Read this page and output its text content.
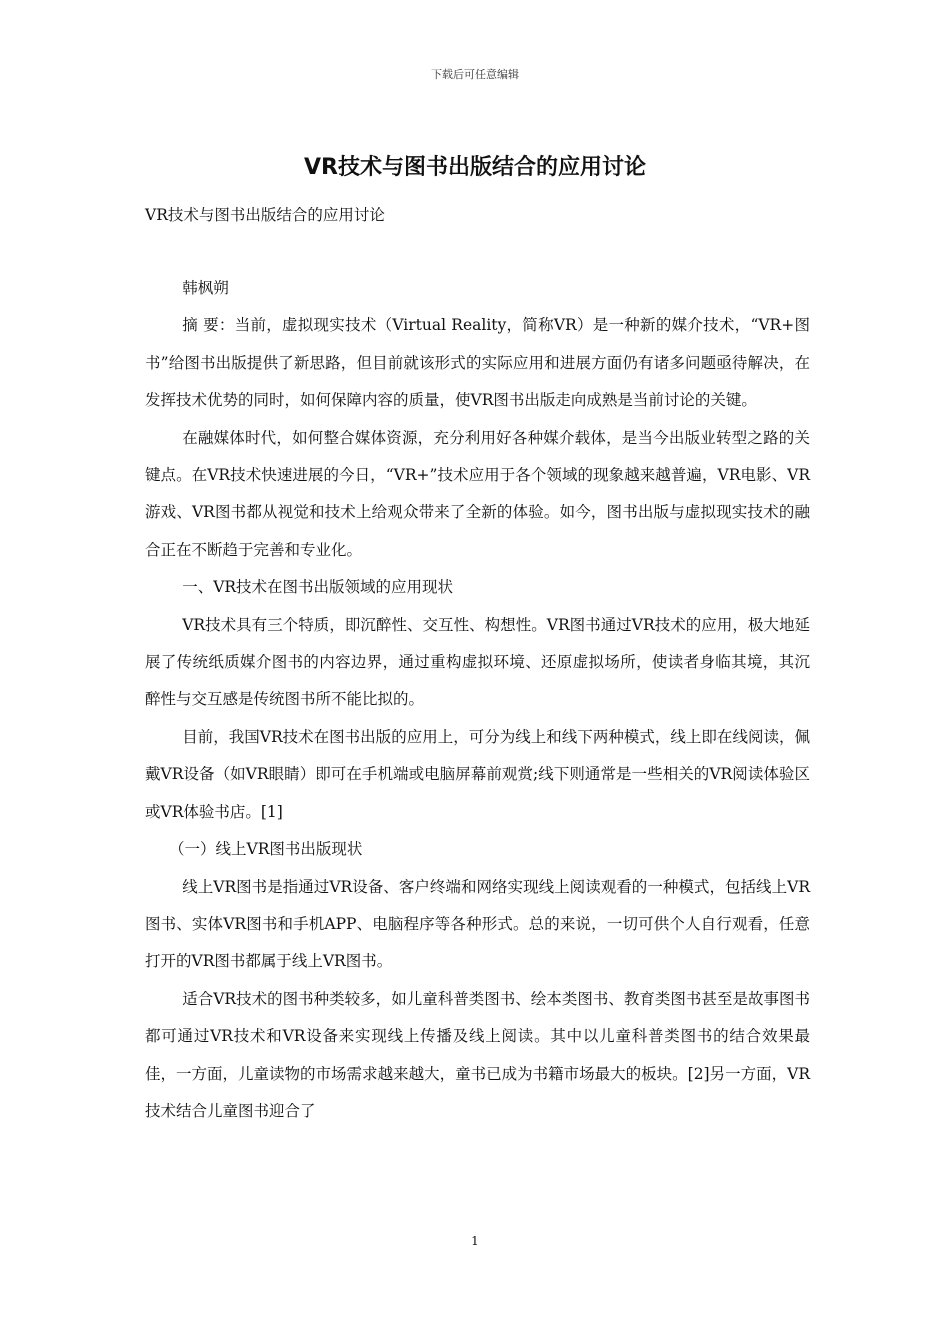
下载后可任意编辑
VR技术与图书出版结合的应用讨论
VR技术与图书出版结合的应用讨论

韩枫朔

摘 要：当前，虚拟现实技术（Virtual Reality，简称VR）是一种新的媒介技术，“VR+图书”给图书出版提供了新思路，但目前就该形式的实际应用和进展方面仍有诸多问题亟待解决，在发挥技术优势的同时，如何保障内容的质量，使VR图书出版走向成熟是当前讨论的关键。

在融媒体时代，如何整合媒体资源，充分利用好各种媒介载体，是当今出版业转型之路的关键点。在VR技术快速进展的今日，“VR+”技术应用于各个领域的现象越来越普遍，VR电影、VR游戏、VR图书都从视觉和技术上给观众带来了全新的体验。如今，图书出版与虚拟现实技术的融合正在不断趋于完善和专业化。

一、VR技术在图书出版领域的应用现状

VR技术具有三个特质，即沉醉性、交互性、构想性。VR图书通过VR技术的应用，极大地延展了传统纸质媒介图书的内容边界，通过重构虚拟环境、还原虚拟场所，使读者身临其境，其沉醉性与交互感是传统图书所不能比拟的。

目前，我国VR技术在图书出版的应用上，可分为线上和线下两种模式，线上即在线阅读，佩戴VR设备（如VR眼睛）即可在手机端或电脑屏幕前观赏;线下则通常是一些相关的VR阅读体验区或VR体验书店。[1]

（一）线上VR图书出版现状

线上VR图书是指通过VR设备、客户终端和网络实现线上阅读观看的一种模式，包括线上VR图书、实体VR图书和手机APP、电脑程序等各种形式。总的来说，一切可供个人自行观看，任意打开的VR图书都属于线上VR图书。

适合VR技术的图书种类较多，如儿童科普类图书、绘本类图书、教育类图书甚至是故事图书都可通过VR技术和VR设备来实现线上传播及线上阅读。其中以儿童科普类图书的结合效果最佳，一方面，儿童读物的市场需求越来越大，童书已成为书籍市场最大的板块。[2]另一方面，VR技术结合儿童图书迎合了

1
